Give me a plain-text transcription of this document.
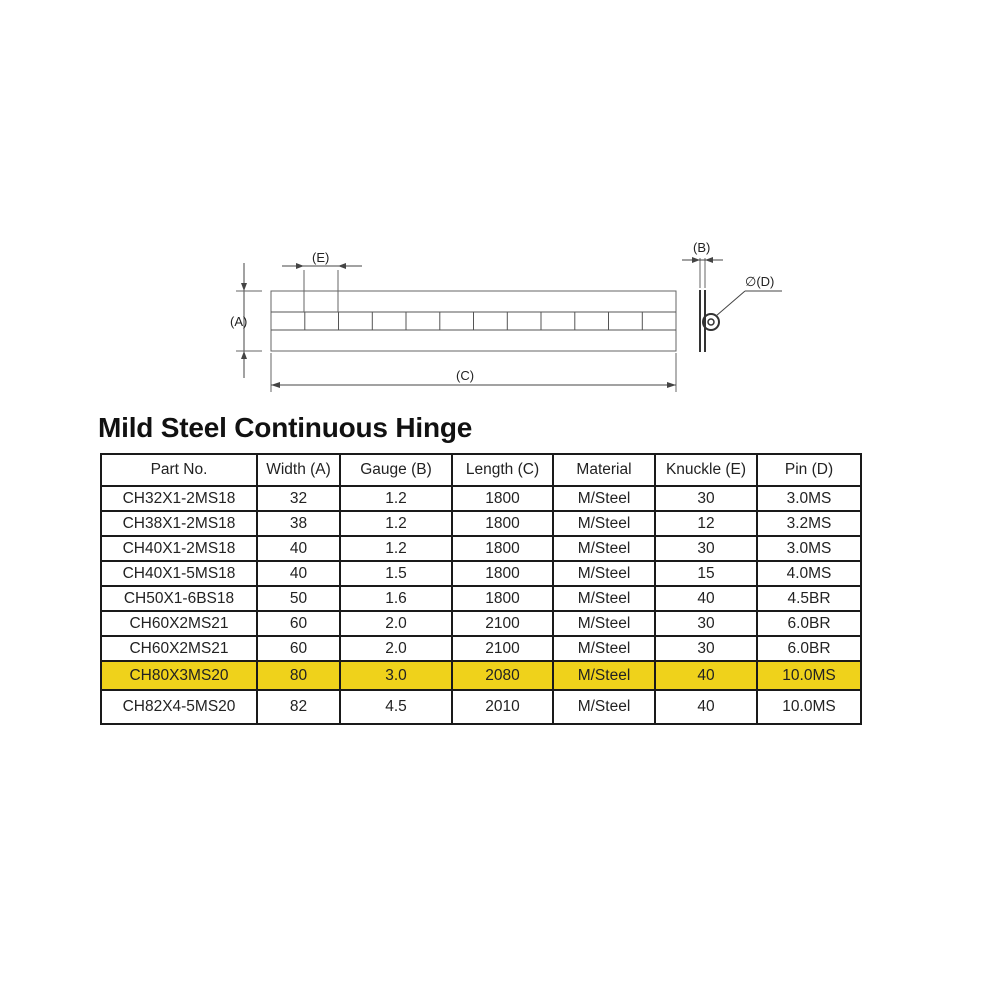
(E)
(A)
(C)
(B)
∅(D)
Mild Steel Continuous Hinge
Part No.	Width (A)	Gauge (B)	Length (C)	Material	Knuckle (E)	Pin (D)
CH32X1-2MS18	32	1.2	1800	M/Steel	30	3.0MS
CH38X1-2MS18	38	1.2	1800	M/Steel	12	3.2MS
CH40X1-2MS18	40	1.2	1800	M/Steel	30	3.0MS
CH40X1-5MS18	40	1.5	1800	M/Steel	15	4.0MS
CH50X1-6BS18	50	1.6	1800	M/Steel	40	4.5BR
CH60X2MS21	60	2.0	2100	M/Steel	30	6.0BR
CH60X2MS21	60	2.0	2100	M/Steel	30	6.0BR
CH80X3MS20	80	3.0	2080	M/Steel	40	10.0MS
CH82X4-5MS20	82	4.5	2010	M/Steel	40	10.0MS
